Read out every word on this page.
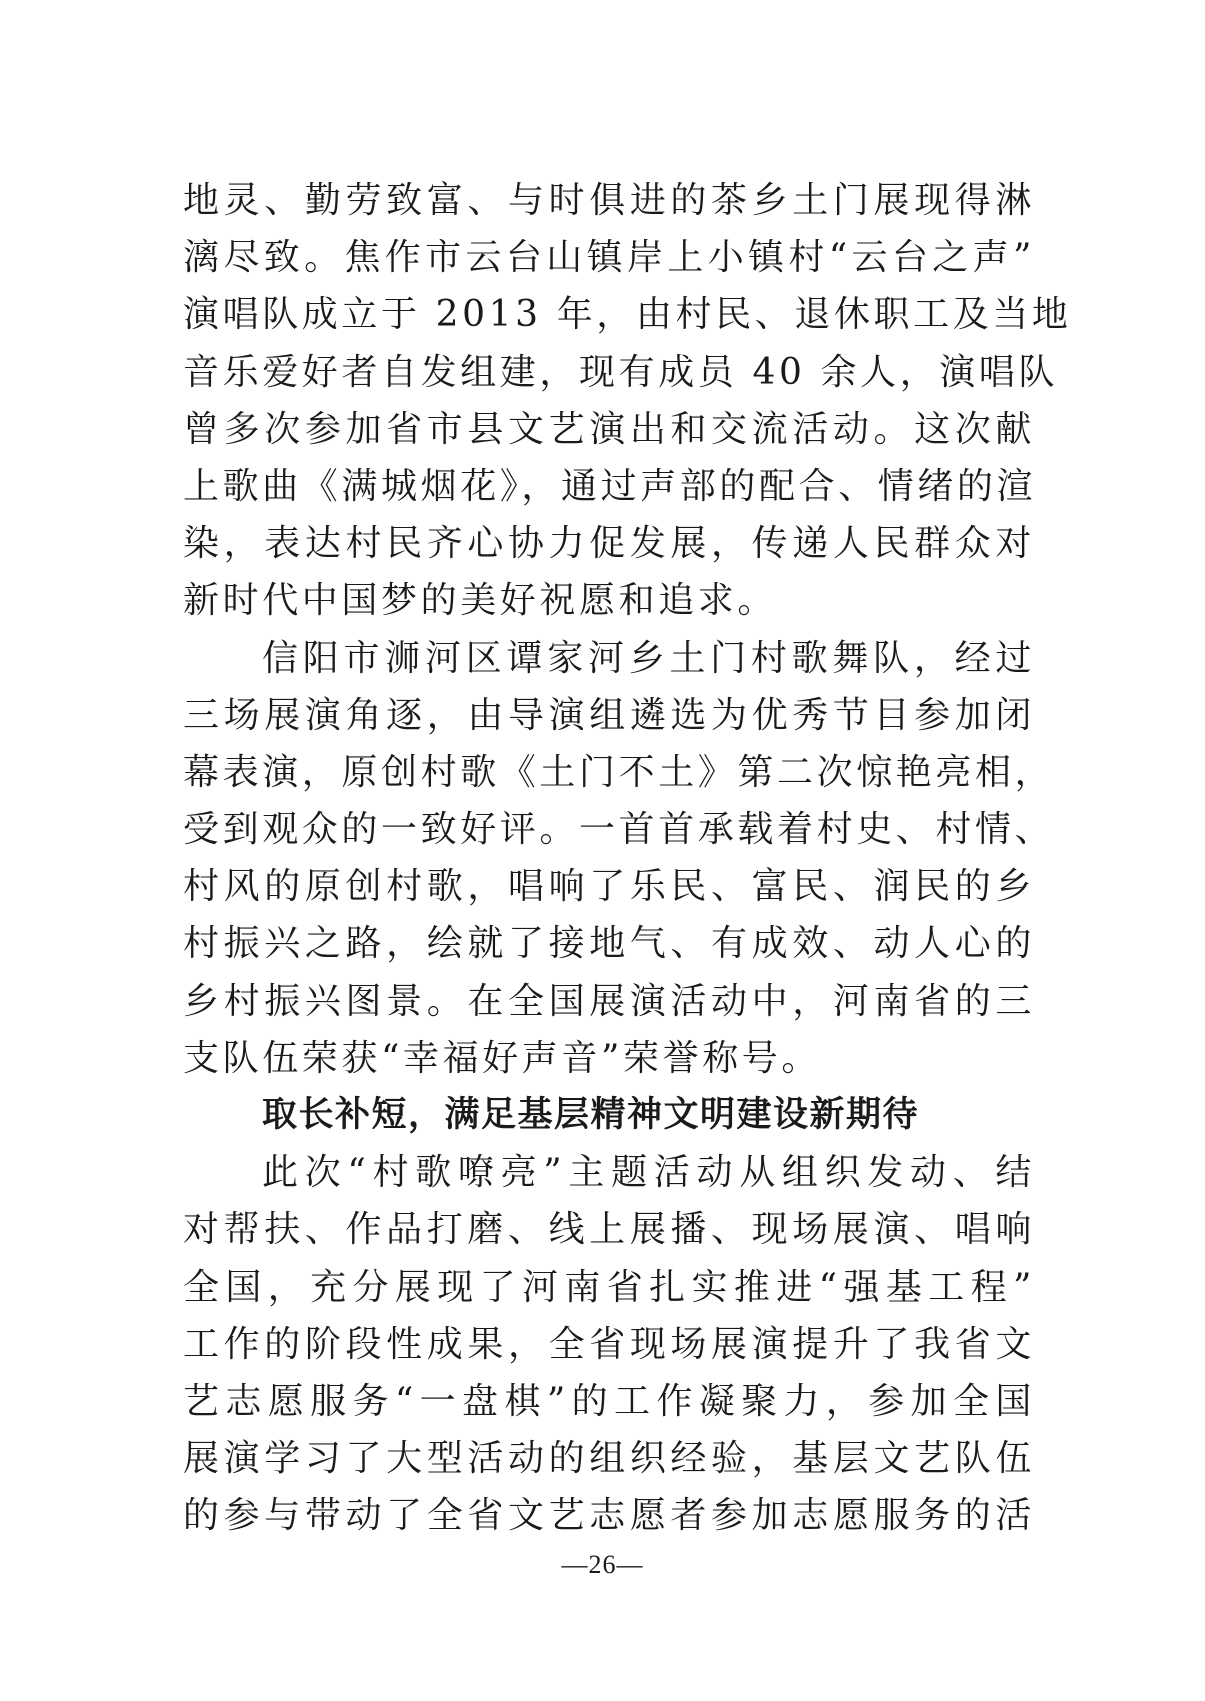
地灵、勤劳致富、与时俱进的茶乡土门展现得淋
漓尽致。焦作市云台山镇岸上小镇村“云台之声”
演唱队成立于 2013 年，由村民、退休职工及当地
音乐爱好者自发组建，现有成员 40 余人，演唱队
曾多次参加省市县文艺演出和交流活动。这次献
上歌曲《满城烟花》，通过声部的配合、情绪的渲
染，表达村民齐心协力促发展，传递人民群众对
新时代中国梦的美好祝愿和追求。
信阳市浉河区谭家河乡土门村歌舞队，经过
三场展演角逐，由导演组遴选为优秀节目参加闭
幕表演，原创村歌《土门不土》第二次惊艳亮相，
受到观众的一致好评。一首首承载着村史、村情、
村风的原创村歌，唱响了乐民、富民、润民的乡
村振兴之路，绘就了接地气、有成效、动人心的
乡村振兴图景。在全国展演活动中，河南省的三
支队伍荣获“幸福好声音”荣誉称号。
取长补短，满足基层精神文明建设新期待
此次“村歌嘹亮”主题活动从组织发动、结
对帮扶、作品打磨、线上展播、现场展演、唱响
全国，充分展现了河南省扎实推进“强基工程”
工作的阶段性成果，全省现场展演提升了我省文
艺志愿服务“一盘棋”的工作凝聚力，参加全国
展演学习了大型活动的组织经验，基层文艺队伍
的参与带动了全省文艺志愿者参加志愿服务的活
—26—
